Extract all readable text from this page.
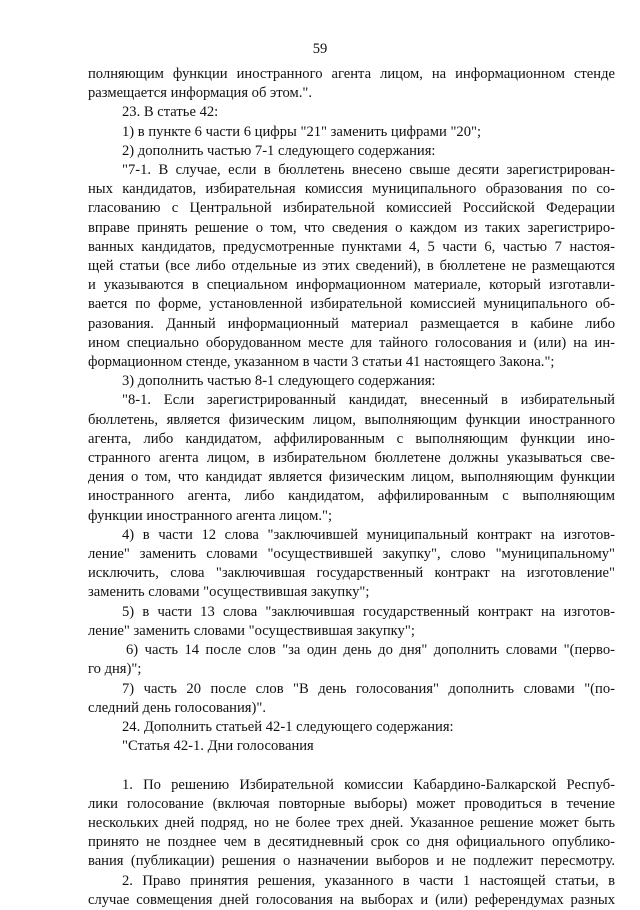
59

полняющим функции иностранного агента лицом, на информационном стенде

размещается информация об этом.".

23. В статье 42:

1) в пункте 6 части 6 цифры "21" заменить цифрами "20";

2) дополнить частью 7-1 следующего содержания:

"7-1. В случае, если в бюллетень внесено свыше десяти зарегистрирован-

ных кандидатов, избирательная комиссия муниципального образования по со-

гласованию с Центральной избирательной комиссией Российской Федерации

вправе принять решение о том, что сведения о каждом из таких зарегистриро-

ванных кандидатов, предусмотренные пунктами 4, 5 части 6, частью 7 настоя-

щей статьи (все либо отдельные из этих сведений), в бюллетене не размещаются

и указываются в специальном информационном материале, который изготавли-

вается по форме, установленной избирательной комиссией муниципального об-

разования. Данный информационный материал размещается в кабине либо

ином специально оборудованном месте для тайного голосования и (или) на ин-

формационном стенде, указанном в части 3 статьи 41 настоящего Закона.";

3) дополнить частью 8-1 следующего содержания:

"8-1. Если зарегистрированный кандидат, внесенный в избирательный

бюллетень, является физическим лицом, выполняющим функции иностранного

агента, либо кандидатом, аффилированным с выполняющим функции ино-

странного агента лицом, в избирательном бюллетене должны указываться све-

дения о том, что кандидат является физическим лицом, выполняющим функции

иностранного агента, либо кандидатом, аффилированным с выполняющим

функции иностранного агента лицом.";

4) в части 12 слова "заключившей муниципальный контракт на изготов-

ление" заменить словами "осуществившей закупку", слово "муниципальному"

исключить, слова "заключившая государственный контракт на изготовление"

заменить словами "осуществившая закупку";

5) в части 13 слова "заключившая государственный контракт на изготов-

ление" заменить словами "осуществившая закупку";

6) часть 14 после слов "за один день до дня" дополнить словами "(перво-

го дня)";

7) часть 20 после слов "В день голосования" дополнить словами "(по-

следний день голосования)".

24. Дополнить статьей 42-1 следующего содержания:

"Статья 42-1. Дни голосования

1. По решению Избирательной комиссии Кабардино-Балкарской Респуб-

лики голосование (включая повторные выборы) может проводиться в течение

нескольких дней подряд, но не более трех дней. Указанное решение может быть

принято не позднее чем в десятидневный срок со дня официального опублико-

вания (публикации) решения о назначении выборов и не подлежит пересмотру.

2. Право принятия решения, указанного в части 1 настоящей статьи, в

случае совмещения дней голосования на выборах и (или) референдумах разных
